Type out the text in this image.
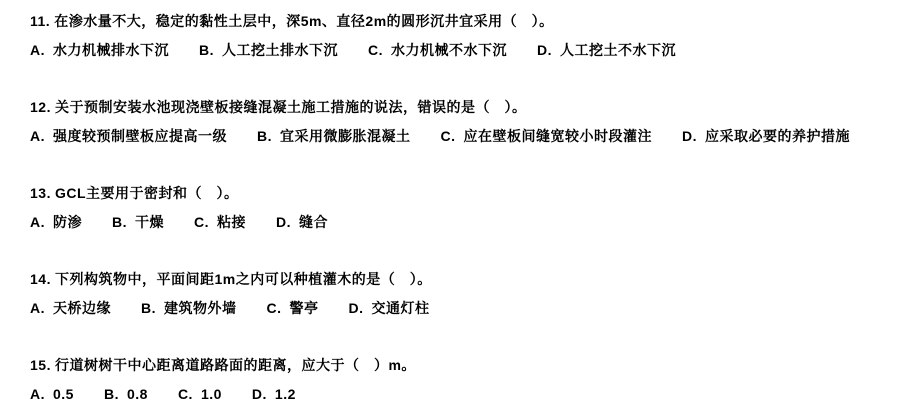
11. 在渗水量不大，稳定的黏性土层中，深5m、直径2m的圆形沉井宜采用（　）。

A. 水力机械排水下沉 B. 人工挖土排水下沉 C. 水力机械不水下沉 D. 人工挖土不水下沉

12. 关于预制安装水池现浇壁板接缝混凝土施工措施的说法，错误的是（　）。

A. 强度较预制壁板应提高一级 B. 宜采用微膨胀混凝土 C. 应在壁板间缝宽较小时段灌注 D. 应采取必要的养护措施

13. GCL主要用于密封和（　）。

A. 防渗 B. 干燥 C. 粘接 D. 缝合

14. 下列构筑物中，平面间距1m之内可以种植灌木的是（　）。

A. 天桥边缘 B. 建筑物外墙 C. 警亭 D. 交通灯柱

15. 行道树树干中心距离道路路面的距离，应大于（　）m。

A. 0.5 B. 0.8 C. 1.0 D. 1.2
